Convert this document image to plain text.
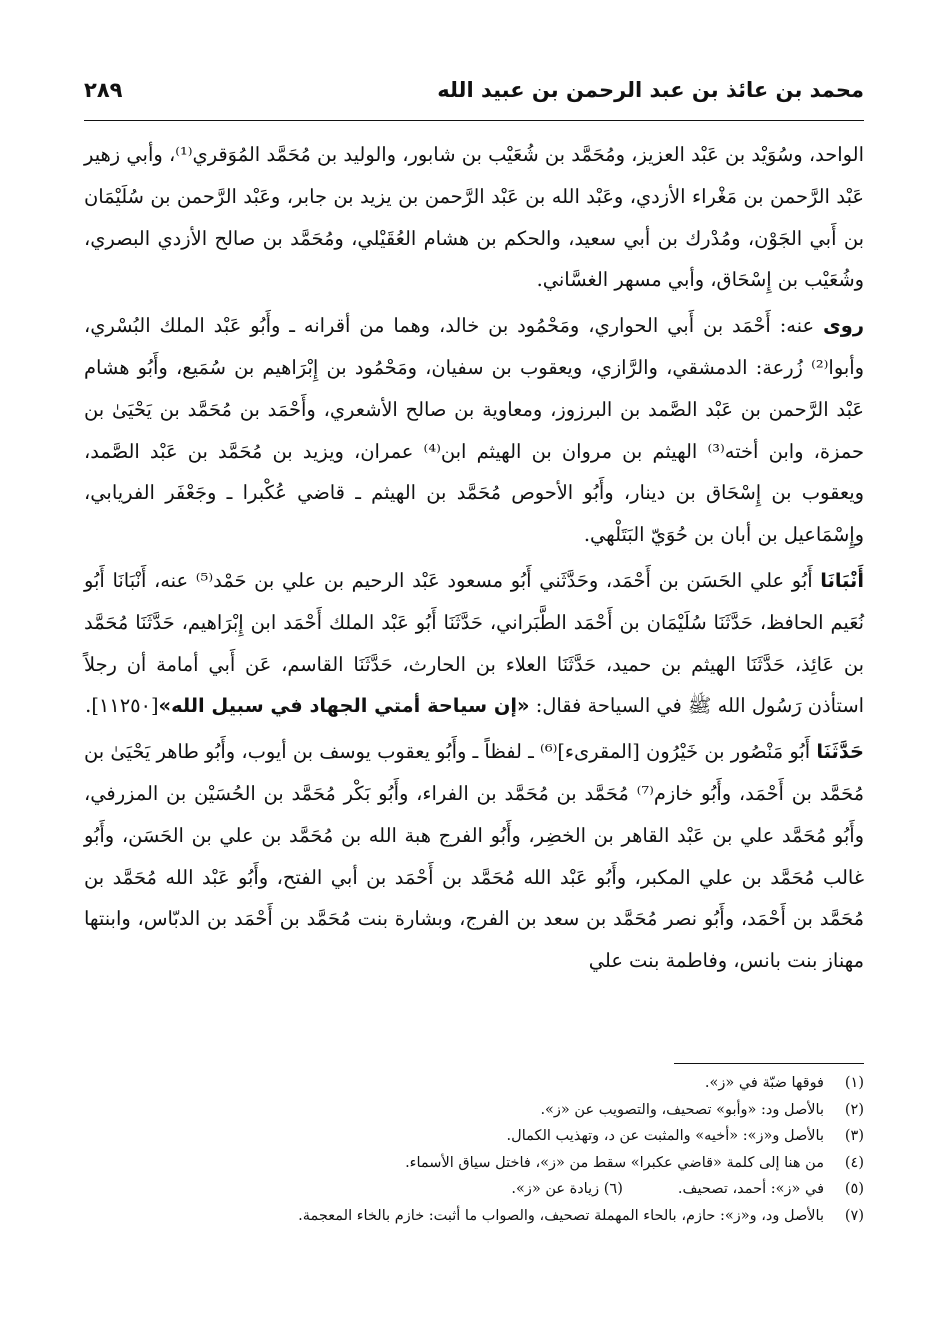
محمد بن عائذ بن عبد الرحمن بن عبيد الله
٢٨٩

الواحد، وسُوَيْد بن عَبْد العزيز، ومُحَمَّد بن شُعَيْب بن شابور، والوليد بن مُحَمَّد المُوَقري⁽¹⁾، وأبي زهير عَبْد الرَّحمن بن مَغْراء الأزدي، وعَبْد الله بن عَبْد الرَّحمن بن يزيد بن جابر، وعَبْد الرَّحمن بن سُلَيْمَان بن أَبي الجَوْن، ومُدْرك بن أبي سعيد، والحكم بن هشام العُقَيْلي، ومُحَمَّد بن صالح الأزدي البصري، وشُعَيْب بن إِسْحَاق، وأبي مسهر الغسَّاني.

روى عنه: أَحْمَد بن أَبي الحواري، ومَحْمُود بن خالد، وهما من أقرانه ـ وأَبُو عَبْد الملك البُسْري، وأبوا⁽²⁾ زُرعة: الدمشقي، والرَّازي، ويعقوب بن سفيان، ومَحْمُود بن إِبْرَاهيم بن سُمَيع، وأَبُو هشام عَبْد الرَّحمن بن عَبْد الصَّمد بن البرزوز، ومعاوية بن صالح الأشعري، وأَحْمَد بن مُحَمَّد بن يَحْيَىٰ بن حمزة، وابن أخته⁽³⁾ الهيثم بن مروان بن الهيثم ابن⁽⁴⁾ عمران، ويزيد بن مُحَمَّد بن عَبْد الصَّمد، ويعقوب بن إِسْحَاق بن دينار، وأَبُو الأحوص مُحَمَّد بن الهيثم ـ قاضي عُكْبرا ـ وجَعْفَر الفريابي، وإِسْمَاعيل بن أبان بن حُوَيّ البَتَلْهي.

أَنْبَانَا أَبُو علي الحَسَن بن أَحْمَد، وحَدَّثَني أَبُو مسعود عَبْد الرحيم بن علي بن حَمْد⁽⁵⁾ عنه، أَنْبَانَا أَبُو نُعَيم الحافظ، حَدَّثَنَا سُلَيْمَان بن أَحْمَد الطَّبَراني، حَدَّثَنَا أَبُو عَبْد الملك أَحْمَد ابن إِبْرَاهيم، حَدَّثَنَا مُحَمَّد بن عَائِذ، حَدَّثَنَا الهيثم بن حميد، حَدَّثَنَا العلاء بن الحارث، حَدَّثَنَا القاسم، عَن أَبي أمامة أن رجلاً استأذن رَسُول الله ﷺ في السياحة فقال: «إن سياحة أمتي الجهاد في سبيل الله»[١١٢٥٠].

حَدَّثَنَا أَبُو مَنْصُور بن خَيْرُون [المقرىء]⁽⁶⁾ ـ لفظاً ـ وأَبُو يعقوب يوسف بن أيوب، وأَبُو طاهر يَحْيَىٰ بن مُحَمَّد بن أَحْمَد، وأَبُو خازم⁽⁷⁾ مُحَمَّد بن مُحَمَّد بن الفراء، وأَبُو بَكْر مُحَمَّد بن الحُسَيْن بن المزرفي، وأَبُو مُحَمَّد علي بن عَبْد القاهر بن الخضِر، وأَبُو الفرج هبة الله بن مُحَمَّد بن علي بن الحَسَن، وأَبُو غالب مُحَمَّد بن علي المكبر، وأَبُو عَبْد الله مُحَمَّد بن أَحْمَد بن أبي الفتح، وأَبُو عَبْد الله مُحَمَّد بن مُحَمَّد بن أَحْمَد، وأَبُو نصر مُحَمَّد بن سعد بن الفرج، وبشارة بنت مُحَمَّد بن أَحْمَد بن الدبّاس، وابنتها مهناز بنت بانس، وفاطمة بنت علي

(١)فوقها ضبّة في «ز».
(٢)بالأصل ود: «وأبو» تصحيف، والتصويب عن «ز».
(٣)بالأصل و«ز»: «أخيه» والمثبت عن د، وتهذيب الكمال.
(٤)من هنا إلى كلمة «قاضي عكبرا» سقط من «ز»، فاختل سياق الأسماء.
(٥)في «ز»: أحمد، تصحيف.(٦) زيادة عن «ز».
(٧)بالأصل ود، و«ز»: حازم، بالحاء المهملة تصحيف، والصواب ما أثبت: خازم بالخاء المعجمة.
